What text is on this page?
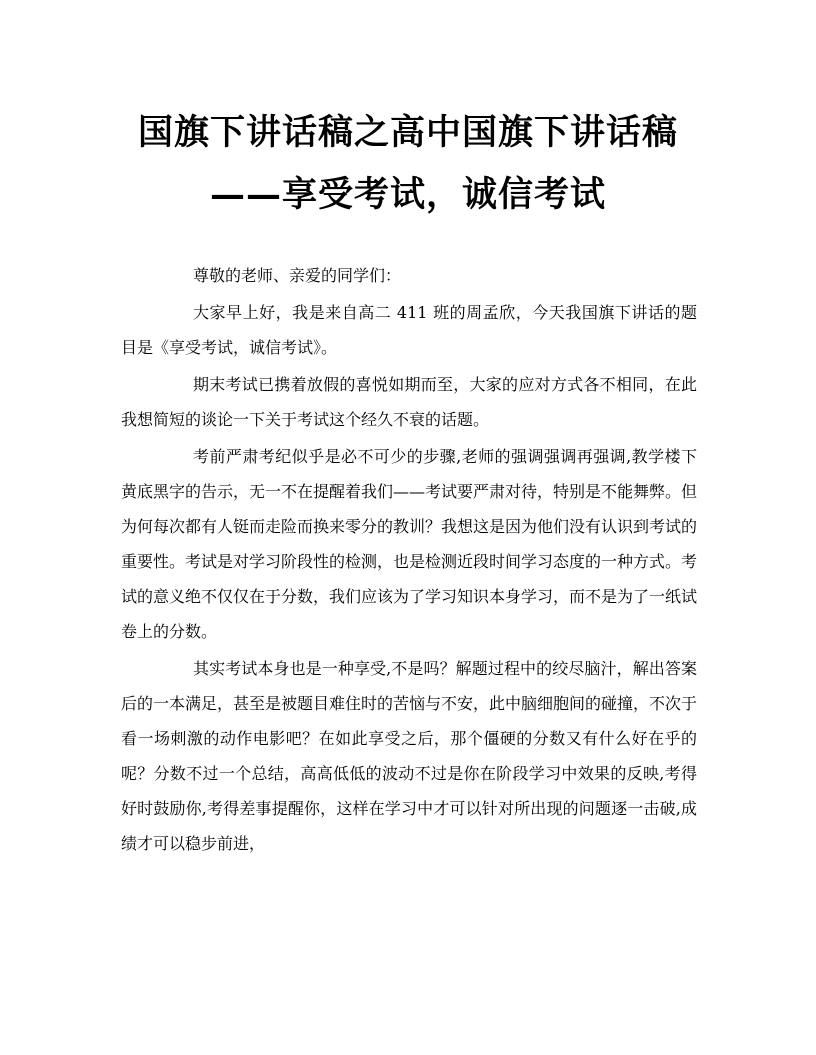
国旗下讲话稿之高中国旗下讲话稿
——享受考试，诚信考试

尊敬的老师、亲爱的同学们：

大家早上好，我是来自高二 411 班的周孟欣，今天我国旗下讲话的题目是《享受考试，诚信考试》。

期末考试已携着放假的喜悦如期而至，大家的应对方式各不相同，在此我想简短的谈论一下关于考试这个经久不衰的话题。

考前严肃考纪似乎是必不可少的步骤,老师的强调强调再强调,教学楼下黄底黑字的告示，无一不在提醒着我们——考试要严肃对待，特别是不能舞弊。但为何每次都有人铤而走险而换来零分的教训？我想这是因为他们没有认识到考试的重要性。考试是对学习阶段性的检测，也是检测近段时间学习态度的一种方式。考试的意义绝不仅仅在于分数，我们应该为了学习知识本身学习，而不是为了一纸试卷上的分数。

其实考试本身也是一种享受,不是吗？解题过程中的绞尽脑汁，解出答案后的一本满足，甚至是被题目难住时的苦恼与不安，此中脑细胞间的碰撞，不次于看一场刺激的动作电影吧？在如此享受之后，那个僵硬的分数又有什么好在乎的呢？分数不过一个总结，高高低低的波动不过是你在阶段学习中效果的反映,考得好时鼓励你,考得差事提醒你，这样在学习中才可以针对所出现的问题逐一击破,成绩才可以稳步前进，
